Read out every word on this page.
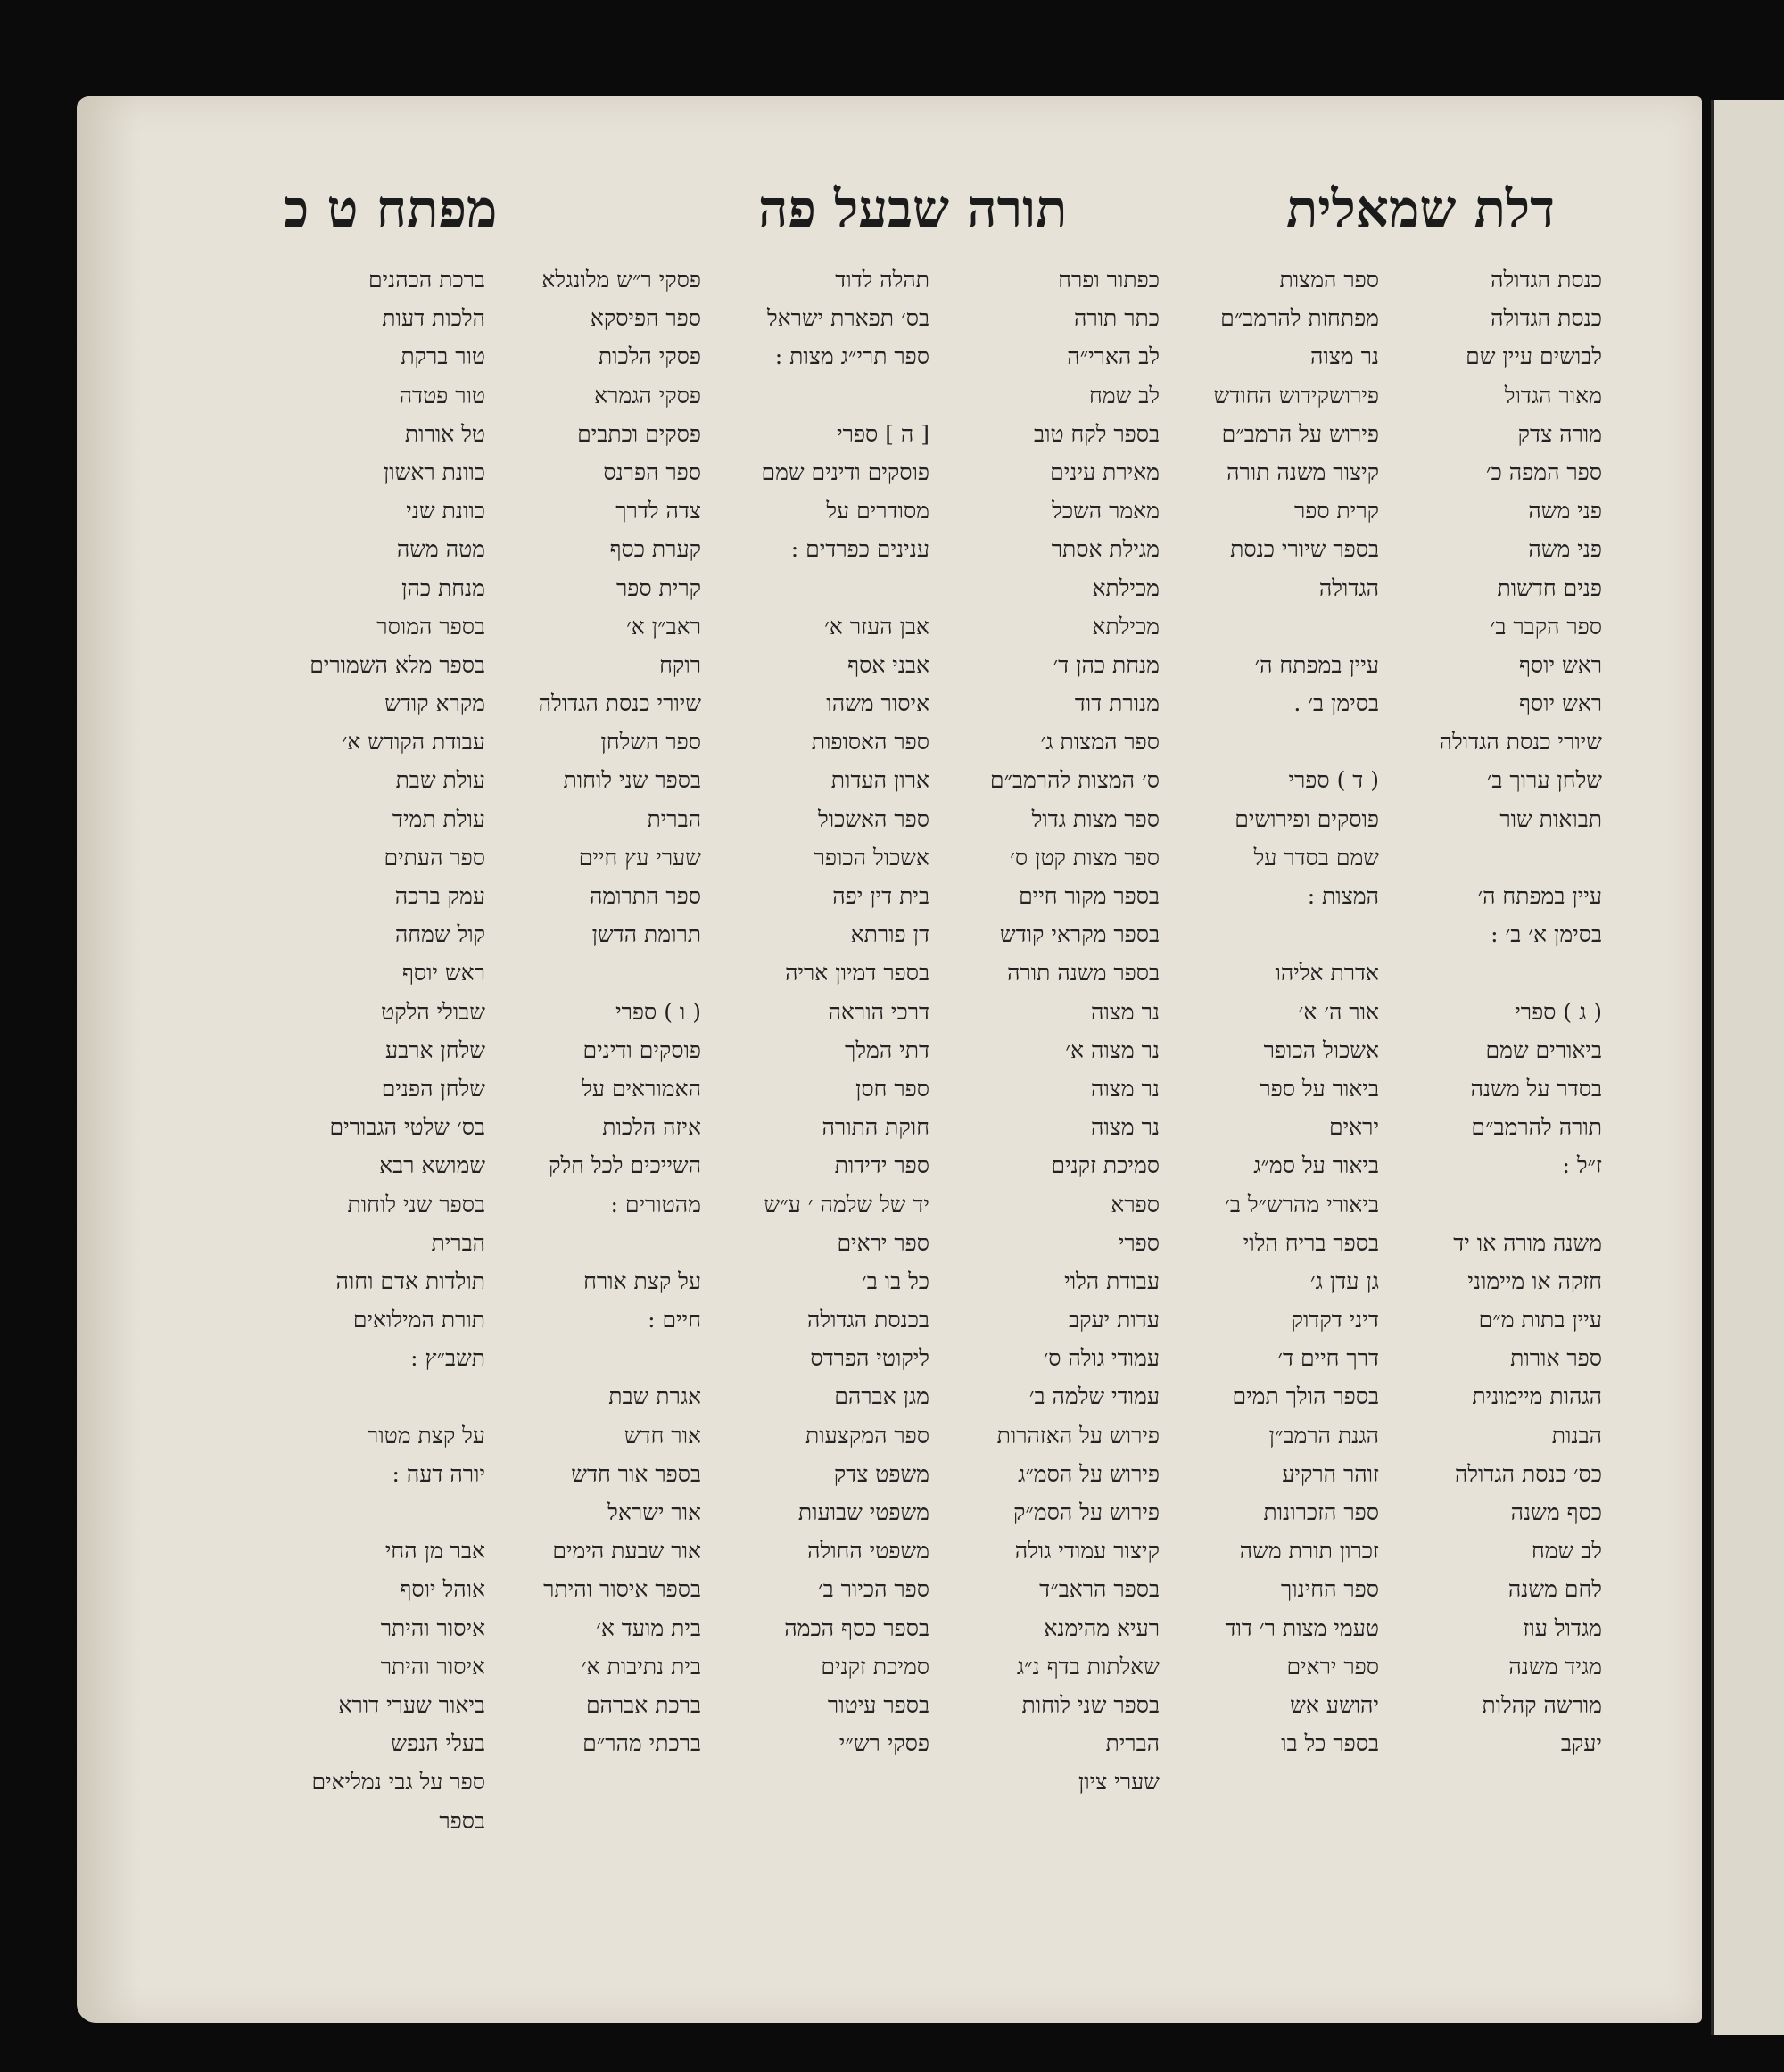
דלת שמאלית
תורה שבעל פה
מפתח ט כ
כנסת הגדולה
כנסת הגדולה
לבושים עיין שם
מאור הגדול
מורה צדק
ספר המפה כ׳
פני משה
פני משה
פנים חדשות
ספר הקבר ב׳
ראש יוסף
ראש יוסף
שיורי כנסת הגדולה
שלחן ערוך ב׳
תבואות שור
עיין במפתח ה׳
בסימן א׳ ב׳ :
( ג ) ספרי
ביאורים שמם
בסדר על משנה
תורה להרמב״ם
ז״ל :
משנה מורה או יד
חזקה או מיימוני
עיין בתות מ״ם
ספר אורות
הגהות מיימונית
הבנות
כס׳ כנסת הגדולה
כסף משנה
לב שמח
לחם משנה
מגדול עוז
מגיד משנה
מורשה קהלות
יעקב
ספר המצות
מפתחות להרמב״ם
נר מצוה
פירושקידוש החודש
פירוש על הרמב״ם
קיצור משנה תורה
קרית ספר
בספר שיורי כנסת
הגדולה
עיין במפתח ה׳
בסימן ב׳ .
( ד ) ספרי
פוסקים ופירושים
שמם בסדר על
המצות :
אדרת אליהו
אור ה׳ א׳
אשכול הכופר
ביאור על ספר
יראים
ביאור על סמ״ג
ביאורי מהרש״ל ב׳
בספר בריח הלוי
גן עדן ג׳
דיני דקדוק
דרך חיים ד׳
בספר הולך תמים
הגנת הרמב״ן
זוהר הרקיע
ספר הזכרונות
זכרון תורת משה
ספר החינוך
טעמי מצות ר׳ דוד
ספר יראים
יהושע אש
בספר כל בו
כפתור ופרח
כתר תורה
לב הארי״ה
לב שמח
בספר לקח טוב
מאירת עינים
מאמר השכל
מגילת אסתר
מכילתא
מכילתא
מנחת כהן ד׳
מנורת דוד
ספר המצות ג׳
ס׳ המצות להרמב״ם
ספר מצות גדול
ספר מצות קטן ס׳
בספר מקור חיים
בספר מקראי קודש
בספר משנה תורה
נר מצוה
נר מצוה א׳
נר מצוה
נר מצוה
סמיכת זקנים
ספרא
ספרי
עבודת הלוי
עדות יעקב
עמודי גולה ס׳
עמודי שלמה ב׳
פירוש על האזהרות
פירוש על הסמ״ג
פירוש על הסמ״ק
קיצור עמודי גולה
בספר הראב״ד
רעיא מהימנא
שאלתות בדף נ״ג
בספר שני לוחות
הברית
שערי ציון
תהלה לדוד
בס׳ תפארת ישראל
ספר תרי״ג מצות :
[ ה ] ספרי
פוסקים ודינים שמם
מסודרים על
ענינים כפרדים :
אבן העזר א׳
אבני אסף
איסור משהו
ספר האסופות
ארון העדות
ספר האשכול
אשכול הכופר
בית דין יפה
דן פורתא
בספר דמיון אריה
דרכי הוראה
דתי המלך
ספר חסן
חוקת התורה
ספר ידידות
יד של שלמה ׳ ע״ש
ספר יראים
כל בו ב׳
בכנסת הגדולה
ליקוטי הפרדס
מגן אברהם
ספר המקצעות
משפט צדק
משפטי שבועות
משפטי החולה
ספר הכיור ב׳
בספר כסף הכמה
סמיכת זקנים
בספר עיטור
פסקי רש״י
פסקי ר״ש מלונגלא
ספר הפיסקא
פסקי הלכות
פסקי הגמרא
פסקים וכתבים
ספר הפרנס
צדה לדרך
קערת כסף
קרית ספר
ראב״ן א׳
רוקח
שיורי כנסת הגדולה
ספר השלחן
בספר שני לוחות
הברית
שערי עץ חיים
ספר התרומה
תרומת הדשן
( ו ) ספרי
פוסקים ודינים
האמוראים על
איזה הלכות
השייכים לכל חלק
מהטורים :
על קצת אורח
חיים :
אגרת שבת
אור חדש
בספר אור חדש
אור ישראל
אור שבעת הימים
בספר איסור והיתר
בית מועד א׳
בית נתיבות א׳
ברכת אברהם
ברכתי מהר״ם
ברכת הכהנים
הלכות דעות
טור ברקת
טור פטדה
טל אורות
כוונת ראשון
כוונת שני
מטה משה
מנחת כהן
בספר המוסר
בספר מלא השמורים
מקרא קודש
עבודת הקודש א׳
עולת שבת
עולת תמיד
ספר העתים
עמק ברכה
קול שמחה
ראש יוסף
שבולי הלקט
שלחן ארבע
שלחן הפנים
בס׳ שלטי הגבורים
שמושא רבא
בספר שני לוחות
הברית
תולדות אדם וחוה
תורת המילואים
תשב״ץ :
על קצת מטור
יורה דעה :
אבר מן החי
אוהל יוסף
איסור והיתר
איסור והיתר
ביאור שערי דורא
בעלי הנפש
ספר על גבי נמליאים
בספר
